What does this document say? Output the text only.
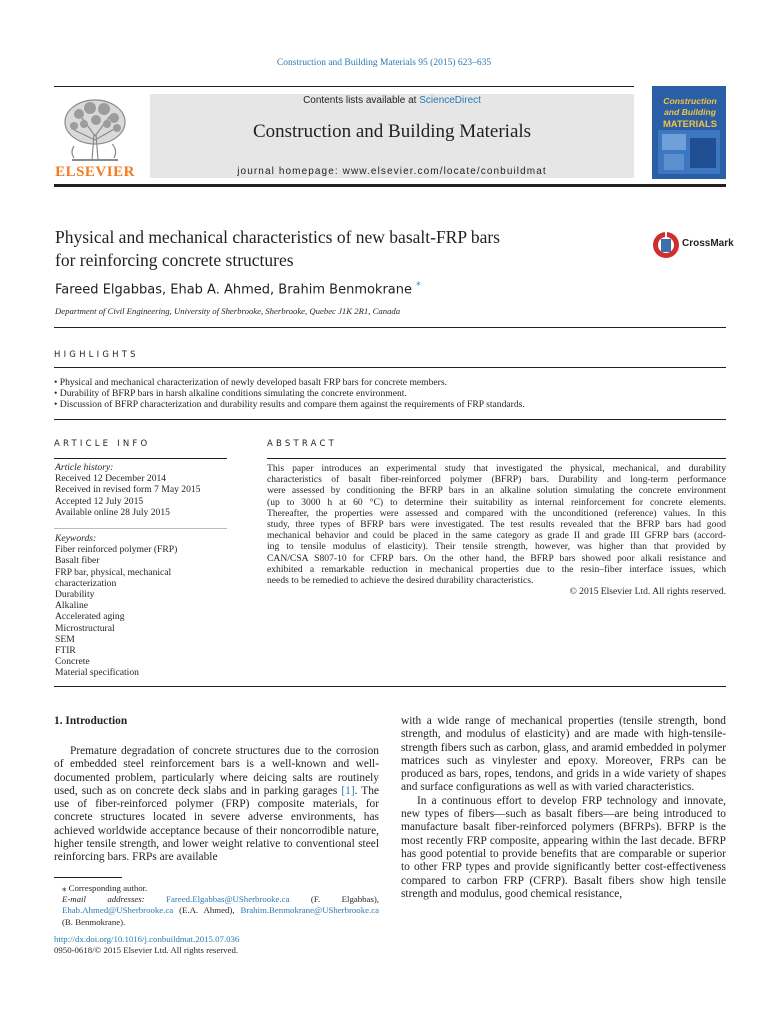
Construction and Building Materials 95 (2015) 623–635
Contents lists available at ScienceDirect
Construction and Building Materials
journal homepage: www.elsevier.com/locate/conbuildmat
ELSEVIER
Construction
and Building
MATERIALS
Physical and mechanical characteristics of new basalt-FRP bars
for reinforcing concrete structures
CrossMark
Fareed Elgabbas, Ehab A. Ahmed, Brahim Benmokrane *
Department of Civil Engineering, University of Sherbrooke, Sherbrooke, Quebec J1K 2R1, Canada
HIGHLIGHTS
• Physical and mechanical characterization of newly developed basalt FRP bars for concrete members.
• Durability of BFRP bars in harsh alkaline conditions simulating the concrete environment.
• Discussion of BFRP characterization and durability results and compare them against the requirements of FRP standards.
ARTICLE INFO
Article history:
Received 12 December 2014
Received in revised form 7 May 2015
Accepted 12 July 2015
Available online 28 July 2015
Keywords:
Fiber reinforced polymer (FRP)
Basalt fiber
FRP bar, physical, mechanical
characterization
Durability
Alkaline
Accelerated aging
Microstructural
SEM
FTIR
Concrete
Material specification
ABSTRACT
This paper introduces an experimental study that investigated the physical, mechanical, and durability
characteristics of basalt fiber-reinforced polymer (BFRP) bars. Durability and long-term performance
were assessed by conditioning the BFRP bars in an alkaline solution simulating the concrete environment
(up to 3000 h at 60 °C) to determine their suitability as internal reinforcement for concrete elements.
Thereafter, the properties were assessed and compared with the unconditioned (reference) values. In this
study, three types of BFRP bars were investigated. The test results revealed that the BFRP bars had good
mechanical behavior and could be placed in the same category as grade II and grade III GFRP bars (accord-
ing to tensile modulus of elasticity). Their tensile strength, however, was higher than that provided by
CAN/CSA S807-10 for CFRP bars. On the other hand, the BFRP bars showed poor alkali resistance and
exhibited a remarkable reduction in mechanical properties due to the resin–fiber interface issues, which
needs to be remedied to achieve the desired durability characteristics.
© 2015 Elsevier Ltd. All rights reserved.
1. Introduction

Premature degradation of concrete structures due to the corrosion of embedded steel reinforcement bars is a well-known and well-documented problem, particularly where deicing salts are routinely used, such as on concrete deck slabs and in parking garages [1]. The use of fiber-reinforced polymer (FRP) composite materials, for concrete structures located in severe adverse environments, has achieved worldwide acceptance because of their noncorrodible nature, higher tensile strength, and lower weight relative to conventional steel reinforcing bars. FRPs are available

⁎ Corresponding author.
E-mail addresses: Fareed.Elgabbas@USherbrooke.ca (F. Elgabbas), Ehab.Ahmed@USherbrooke.ca (E.A. Ahmed), Brahim.Benmokrane@USherbrooke.ca (B. Benmokrane).
http://dx.doi.org/10.1016/j.conbuildmat.2015.07.036
0950-0618/© 2015 Elsevier Ltd. All rights reserved.

with a wide range of mechanical properties (tensile strength, bond strength, and modulus of elasticity) and are made with high-tensile-strength fibers such as carbon, glass, and aramid embedded in polymer matrices such as vinylester and epoxy. Moreover, FRPs can be produced as bars, ropes, tendons, and grids in a wide variety of shapes and surface configurations as well as with varied characteristics.

In a continuous effort to develop FRP technology and innovate, new types of fibers—such as basalt fibers—are being introduced to manufacture basalt fiber-reinforced polymers (BFRPs). BFRP is the most recently FRP composite, appearing within the last decade. BFRP has good potential to provide benefits that are comparable or superior to other FRP types and provide significantly better cost-effectiveness compared to carbon FRP (CFRP). Basalt fibers show high tensile strength and modulus, good chemical resistance,
